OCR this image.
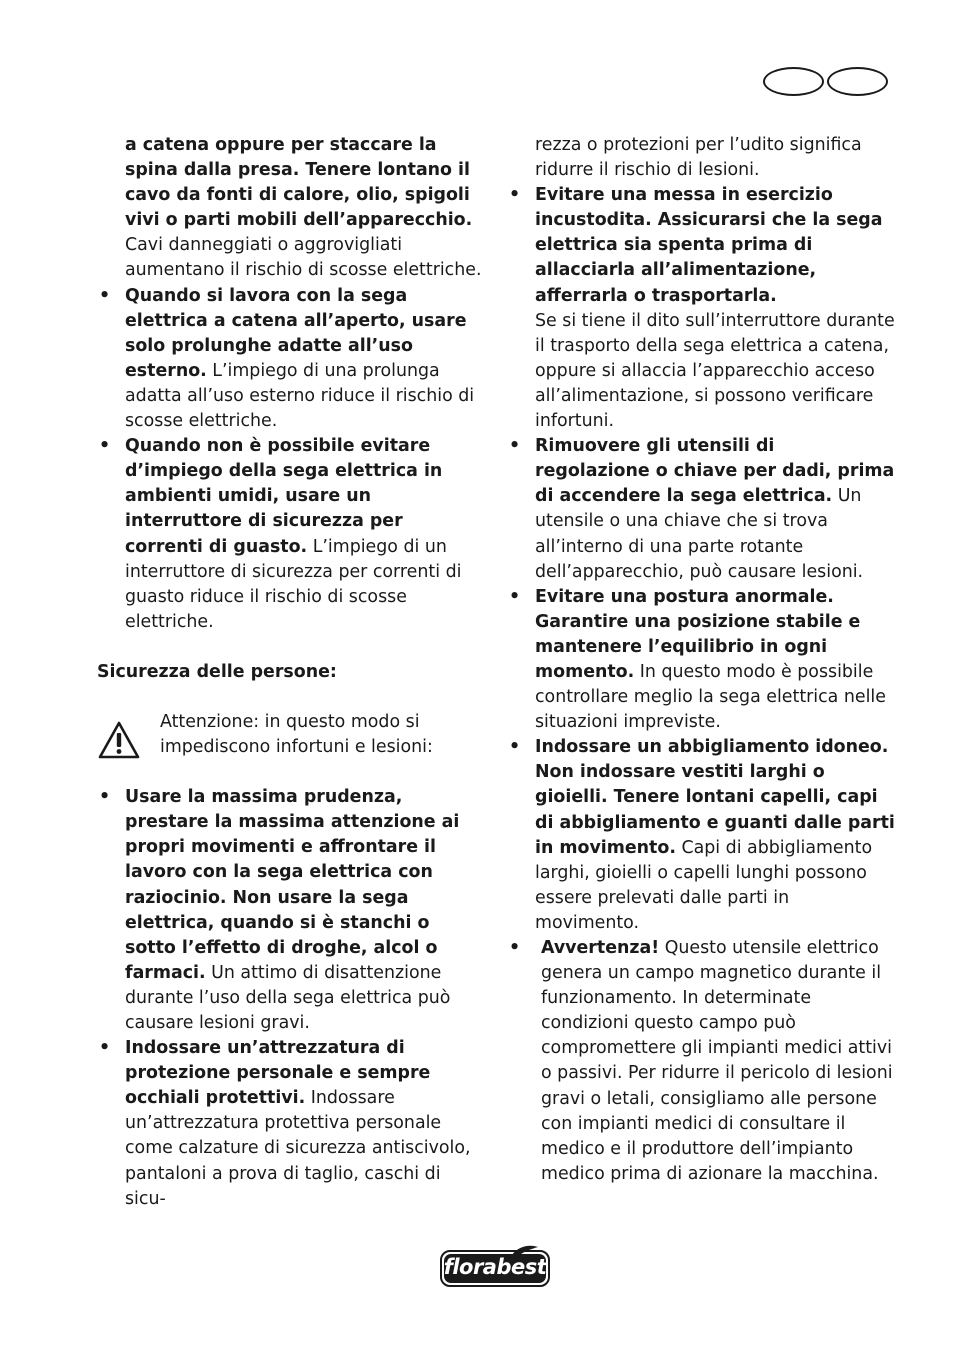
a catena oppure per staccare la spina dalla presa. Tenere lontano il cavo da fonti di calore, olio, spigoli vivi o parti mobili dell’apparecchio. Cavi danneggiati o aggrovigliati aumentano il rischio di scosse elettriche.
• Quando si lavora con la sega elettrica a catena all’aperto, usare solo prolunghe adatte all’uso esterno. L’impiego di una prolunga adatta all’uso esterno riduce il rischio di scosse elettriche.
• Quando non è possibile evitare d’impiego della sega elettrica in ambienti umidi, usare un interruttore di sicurezza per correnti di guasto. L’impiego di un interruttore di sicurezza per correnti di guasto riduce il rischio di scosse elettriche.
Sicurezza delle persone:
Attenzione: in questo modo si impediscono infortuni e lesioni:
• Usare la massima prudenza, prestare la massima attenzione ai propri movimenti e affrontare il lavoro con la sega elettrica con raziocinio. Non usare la sega elettrica, quando si è stanchi o sotto l’effetto di droghe, alcol o farmaci. Un attimo di disattenzione durante l’uso della sega elettrica può causare lesioni gravi.
• Indossare un’attrezzatura di protezione personale e sempre occhiali protettivi. Indossare un’attrezzatura protettiva personale come calzature di sicurezza antiscivolo, pantaloni a prova di taglio, caschi di sicu-
rezza o protezioni per l’udito significa ridurre il rischio di lesioni.
• Evitare una messa in esercizio incustodita. Assicurarsi che la sega elettrica sia spenta prima di allacciarla all’alimentazione, afferrarla o trasportarla.
Se si tiene il dito sull’interruttore durante il trasporto della sega elettrica a catena, oppure si allaccia l’apparecchio acceso all’alimentazione, si possono verificare infortuni.
• Rimuovere gli utensili di regolazione o chiave per dadi, prima di accendere la sega elettrica. Un utensile o una chiave che si trova all’interno di una parte rotante dell’apparecchio, può causare lesioni.
• Evitare una postura anormale. Garantire una posizione stabile e mantenere l’equilibrio in ogni momento. In questo modo è possibile controllare meglio la sega elettrica nelle situazioni impreviste.
• Indossare un abbigliamento idoneo. Non indossare vestiti larghi o gioielli. Tenere lontani capelli, capi di abbigliamento e guanti dalle parti in movimento. Capi di abbigliamento larghi, gioielli o capelli lunghi possono essere prelevati dalle parti in movimento.
• Avvertenza! Questo utensile elettrico genera un campo magnetico durante il funzionamento. In determinate condizioni questo campo può compromettere gli impianti medici attivi o passivi. Per ridurre il pericolo di lesioni gravi o letali, consigliamo alle persone con impianti medici di consultare il medico e il produttore dell’impianto medico prima di azionare la macchina.
florabest
